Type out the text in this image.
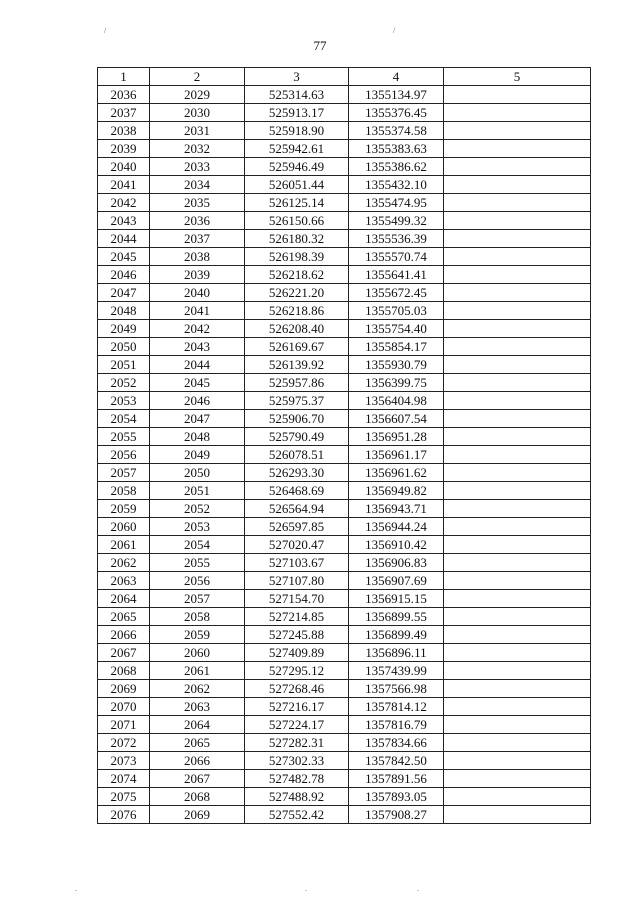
/	/
77
1	2	3	4	5
2036	2029	525314.63	1355134.97	
2037	2030	525913.17	1355376.45	
2038	2031	525918.90	1355374.58	
2039	2032	525942.61	1355383.63	
2040	2033	525946.49	1355386.62	
2041	2034	526051.44	1355432.10	
2042	2035	526125.14	1355474.95	
2043	2036	526150.66	1355499.32	
2044	2037	526180.32	1355536.39	
2045	2038	526198.39	1355570.74	
2046	2039	526218.62	1355641.41	
2047	2040	526221.20	1355672.45	
2048	2041	526218.86	1355705.03	
2049	2042	526208.40	1355754.40	
2050	2043	526169.67	1355854.17	
2051	2044	526139.92	1355930.79	
2052	2045	525957.86	1356399.75	
2053	2046	525975.37	1356404.98	
2054	2047	525906.70	1356607.54	
2055	2048	525790.49	1356951.28	
2056	2049	526078.51	1356961.17	
2057	2050	526293.30	1356961.62	
2058	2051	526468.69	1356949.82	
2059	2052	526564.94	1356943.71	
2060	2053	526597.85	1356944.24	
2061	2054	527020.47	1356910.42	
2062	2055	527103.67	1356906.83	
2063	2056	527107.80	1356907.69	
2064	2057	527154.70	1356915.15	
2065	2058	527214.85	1356899.55	
2066	2059	527245.88	1356899.49	
2067	2060	527409.89	1356896.11	
2068	2061	527295.12	1357439.99	
2069	2062	527268.46	1357566.98	
2070	2063	527216.17	1357814.12	
2071	2064	527224.17	1357816.79	
2072	2065	527282.31	1357834.66	
2073	2066	527302.33	1357842.50	
2074	2067	527482.78	1357891.56	
2075	2068	527488.92	1357893.05	
2076	2069	527552.42	1357908.27	
.	.	.
